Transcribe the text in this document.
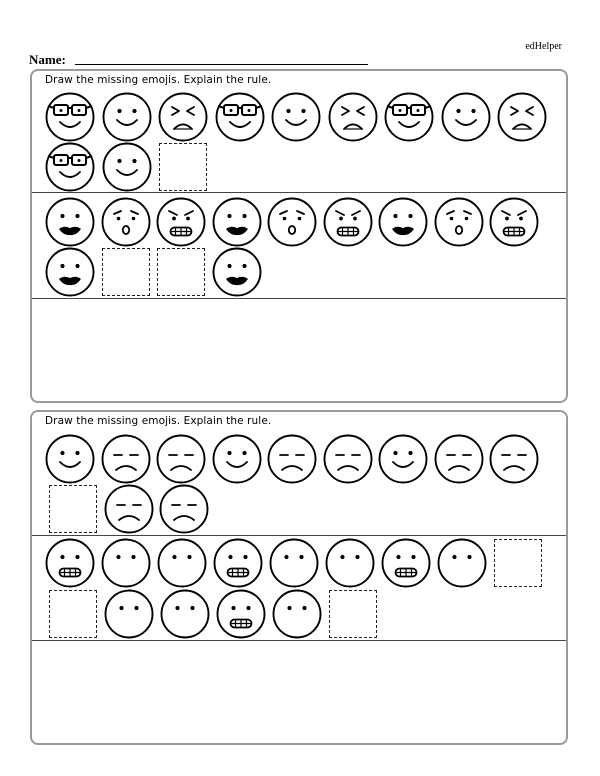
edHelper
Name:
Draw the missing emojis. Explain the rule.
Draw the missing emojis. Explain the rule.
